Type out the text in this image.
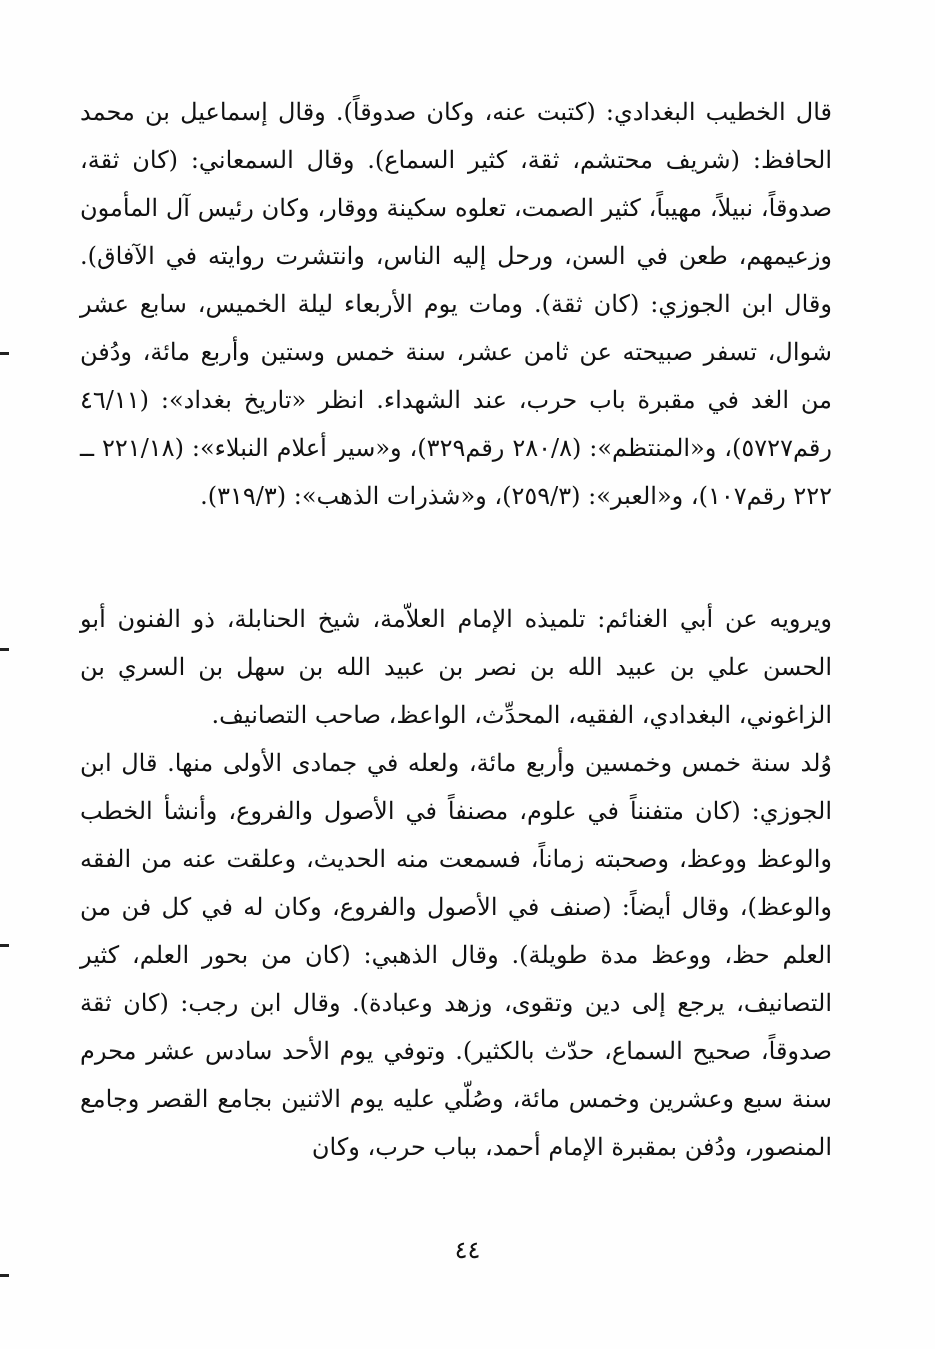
قال الخطيب البغدادي: (كتبت عنه، وكان صدوقاً). وقال إسماعيل بن محمد الحافظ: (شريف محتشم، ثقة، كثير السماع). وقال السمعاني: (كان ثقة، صدوقاً، نبيلاً، مهيباً، كثير الصمت، تعلوه سكينة ووقار، وكان رئيس آل المأمون وزعيمهم، طعن في السن، ورحل إليه الناس، وانتشرت روايته في الآفاق). وقال ابن الجوزي: (كان ثقة). ومات يوم الأربعاء ليلة الخميس، سابع عشر شوال، تسفر صبيحته عن ثامن عشر، سنة خمس وستين وأربع مائة، ودُفن من الغد في مقبرة باب حرب، عند الشهداء. انظر «تاريخ بغداد»: (٤٦/١١ رقم٥٧٢٧)، و«المنتظم»: (٢٨٠/٨ رقم٣٢٩)، و«سير أعلام النبلاء»: (٢٢١/١٨ ــ ٢٢٢ رقم١٠٧)، و«العبر»: (٢٥٩/٣)، و«شذرات الذهب»: (٣١٩/٣).

ويرويه عن أبي الغنائم: تلميذه الإمام العلاّمة، شيخ الحنابلة، ذو الفنون أبو الحسن علي بن عبيد الله بن نصر بن عبيد الله بن سهل بن السري بن الزاغوني، البغدادي، الفقيه، المحدِّث، الواعظ، صاحب التصانيف.

وُلد سنة خمس وخمسين وأربع مائة، ولعله في جمادى الأولى منها. قال ابن الجوزي: (كان متفنناً في علوم، مصنفاً في الأصول والفروع، وأنشأ الخطب والوعظ ووعظ، وصحبته زماناً، فسمعت منه الحديث، وعلقت عنه من الفقه والوعظ)، وقال أيضاً: (صنف في الأصول والفروع، وكان له في كل فن من العلم حظ، ووعظ مدة طويلة). وقال الذهبي: (كان من بحور العلم، كثير التصانيف، يرجع إلى دين وتقوى، وزهد وعبادة). وقال ابن رجب: (كان ثقة صدوقاً، صحيح السماع، حدّث بالكثير). وتوفي يوم الأحد سادس عشر محرم سنة سبع وعشرين وخمس مائة، وصُلّي عليه يوم الاثنين بجامع القصر وجامع المنصور، ودُفن بمقبرة الإمام أحمد، بباب حرب، وكان

٤٤
